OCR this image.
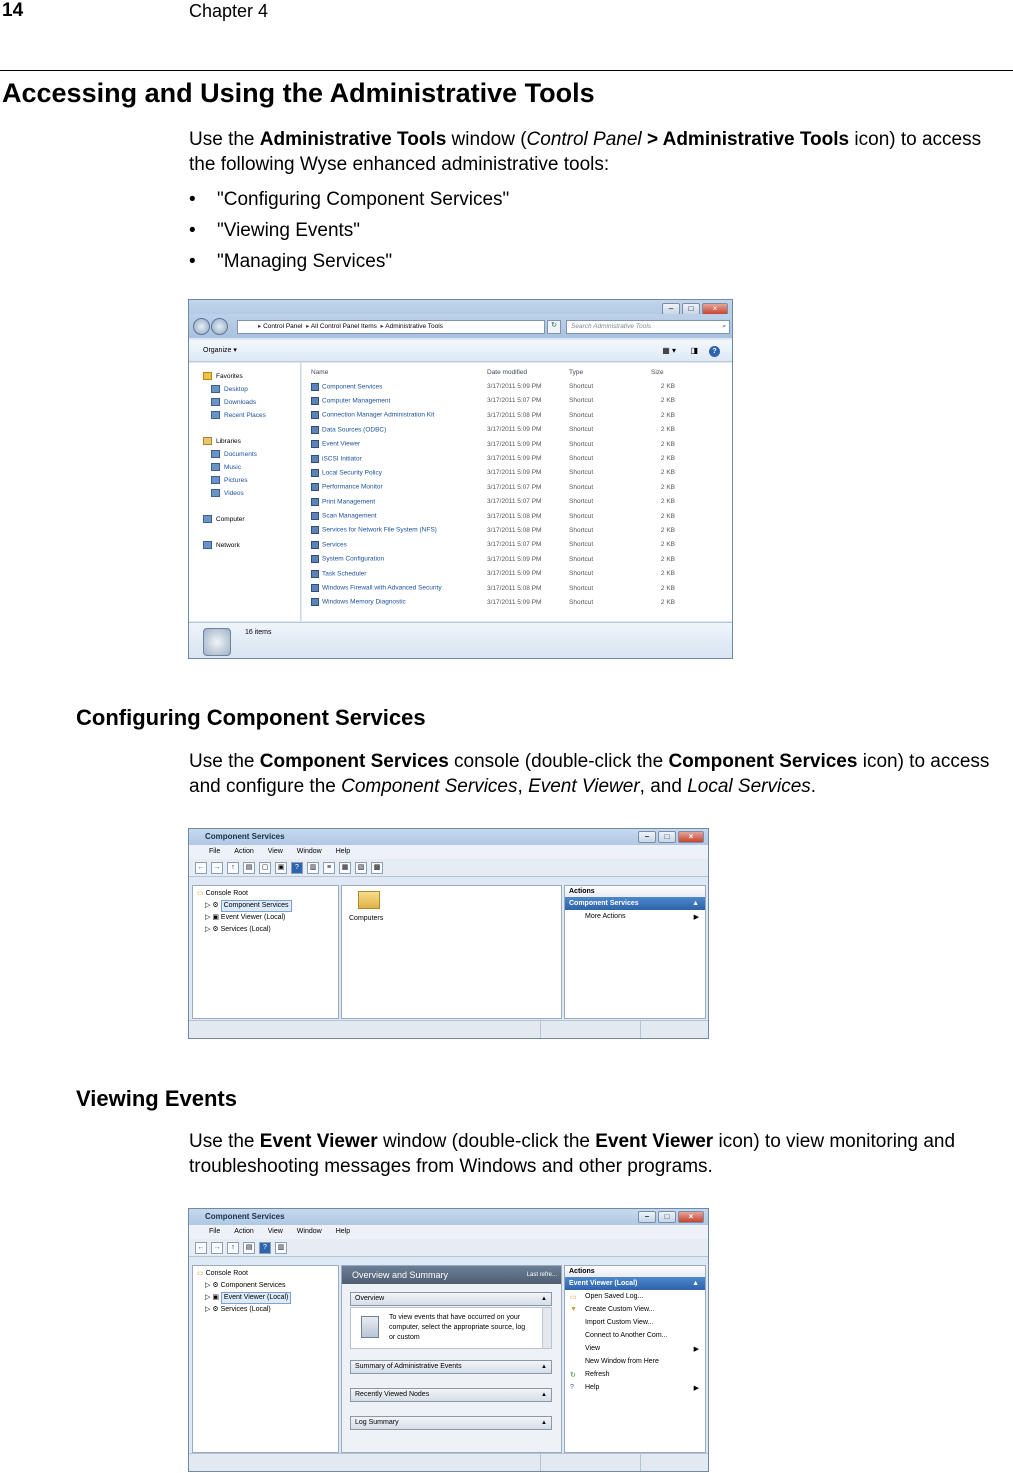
14	Chapter 4
Accessing and Using the Administrative Tools
Use the Administrative Tools window (Control Panel > Administrative Tools icon) to access the following Wyse enhanced administrative tools:
• "Configuring Component Services"
• "Viewing Events"
• "Managing Services"
–	□	×
▸ Control Panel  ▸ All Control Panel Items  ▸ Administrative Tools	↻	Search Administrative Tools	⌕
Organize ▾	▦ ▾ ◨	?
Favorites
Desktop
Downloads
Recent Places
Libraries
Documents
Music
Pictures
Videos
Computer
Network
Name	Date modified	Type	Size
Component Services	3/17/2011 5:09 PM	Shortcut	2 KB
Computer Management	3/17/2011 5:07 PM	Shortcut	2 KB
Connection Manager Administration Kit	3/17/2011 5:08 PM	Shortcut	2 KB
Data Sources (ODBC)	3/17/2011 5:09 PM	Shortcut	2 KB
Event Viewer	3/17/2011 5:09 PM	Shortcut	2 KB
iSCSI Initiator	3/17/2011 5:09 PM	Shortcut	2 KB
Local Security Policy	3/17/2011 5:09 PM	Shortcut	2 KB
Performance Monitor	3/17/2011 5:07 PM	Shortcut	2 KB
Print Management	3/17/2011 5:07 PM	Shortcut	2 KB
Scan Management	3/17/2011 5:08 PM	Shortcut	2 KB
Services for Network File System (NFS)	3/17/2011 5:08 PM	Shortcut	2 KB
Services	3/17/2011 5:07 PM	Shortcut	2 KB
System Configuration	3/17/2011 5:09 PM	Shortcut	2 KB
Task Scheduler	3/17/2011 5:09 PM	Shortcut	2 KB
Windows Firewall with Advanced Security	3/17/2011 5:08 PM	Shortcut	2 KB
Windows Memory Diagnostic	3/17/2011 5:09 PM	Shortcut	2 KB
16 items
Configuring Component Services
Use the Component Services console (double-click the Component Services icon) to access and configure the Component Services, Event Viewer, and Local Services.
Component Services	–	□	×
File Action View Window Help
←	→	↑	▤	▢	▣	?	▥	≡	▦	▧	▩
▭ Console Root
▷ ⚙ Component Services
▷ ▣ Event Viewer (Local)
▷ ⚙ Services (Local)
Computers
Actions
Component Services	▲
More Actions	▶
Viewing Events
Use the Event Viewer window (double-click the Event Viewer icon) to view monitoring and troubleshooting messages from Windows and other programs.
Component Services	–	□	×
File Action View Window Help
←	→	↑	▤	?	▥
▭ Console Root
▷ ⚙ Component Services
▷ ▣ Event Viewer (Local)
▷ ⚙ Services (Local)
Overview and Summary	Last refre...
Overview	▲
To view events that have occurred on your computer, select the appropriate source, log or custom
Summary of Administrative Events	▲
Recently Viewed Nodes	▲
Log Summary	▲
Actions
Event Viewer (Local)	▲
▭ Open Saved Log...
▼ Create Custom View...
Import Custom View...
Connect to Another Com...
View	▶
New Window from Here
↻ Refresh
? Help	▶
